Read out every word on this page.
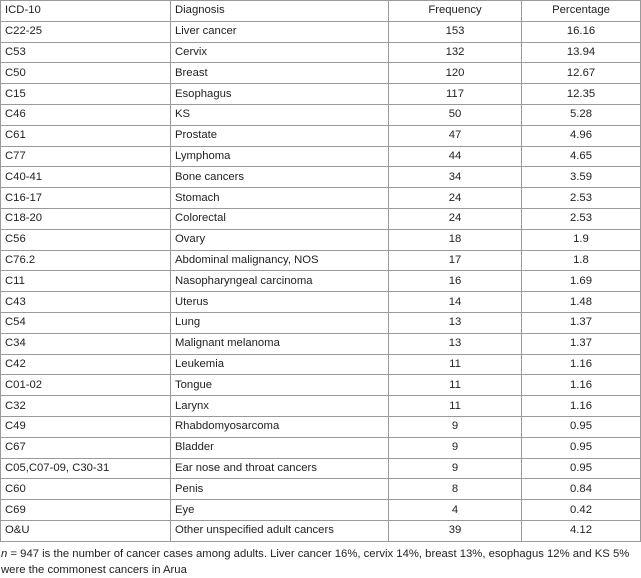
ICD-10	Diagnosis	Frequency	Percentage
C22-25	Liver cancer	153	16.16
C53	Cervix	132	13.94
C50	Breast	120	12.67
C15	Esophagus	117	12.35
C46	KS	50	5.28
C61	Prostate	47	4.96
C77	Lymphoma	44	4.65
C40-41	Bone cancers	34	3.59
C16-17	Stomach	24	2.53
C18-20	Colorectal	24	2.53
C56	Ovary	18	1.9
C76.2	Abdominal malignancy, NOS	17	1.8
C11	Nasopharyngeal carcinoma	16	1.69
C43	Uterus	14	1.48
C54	Lung	13	1.37
C34	Malignant melanoma	13	1.37
C42	Leukemia	11	1.16
C01-02	Tongue	11	1.16
C32	Larynx	11	1.16
C49	Rhabdomyosarcoma	9	0.95
C67	Bladder	9	0.95
C05,C07-09, C30-31	Ear nose and throat cancers	9	0.95
C60	Penis	8	0.84
C69	Eye	4	0.42
O&U	Other unspecified adult cancers	39	4.12
n = 947 is the number of cancer cases among adults. Liver cancer 16%, cervix 14%, breast 13%, esophagus 12% and KS 5% were the commonest cancers in Arua
